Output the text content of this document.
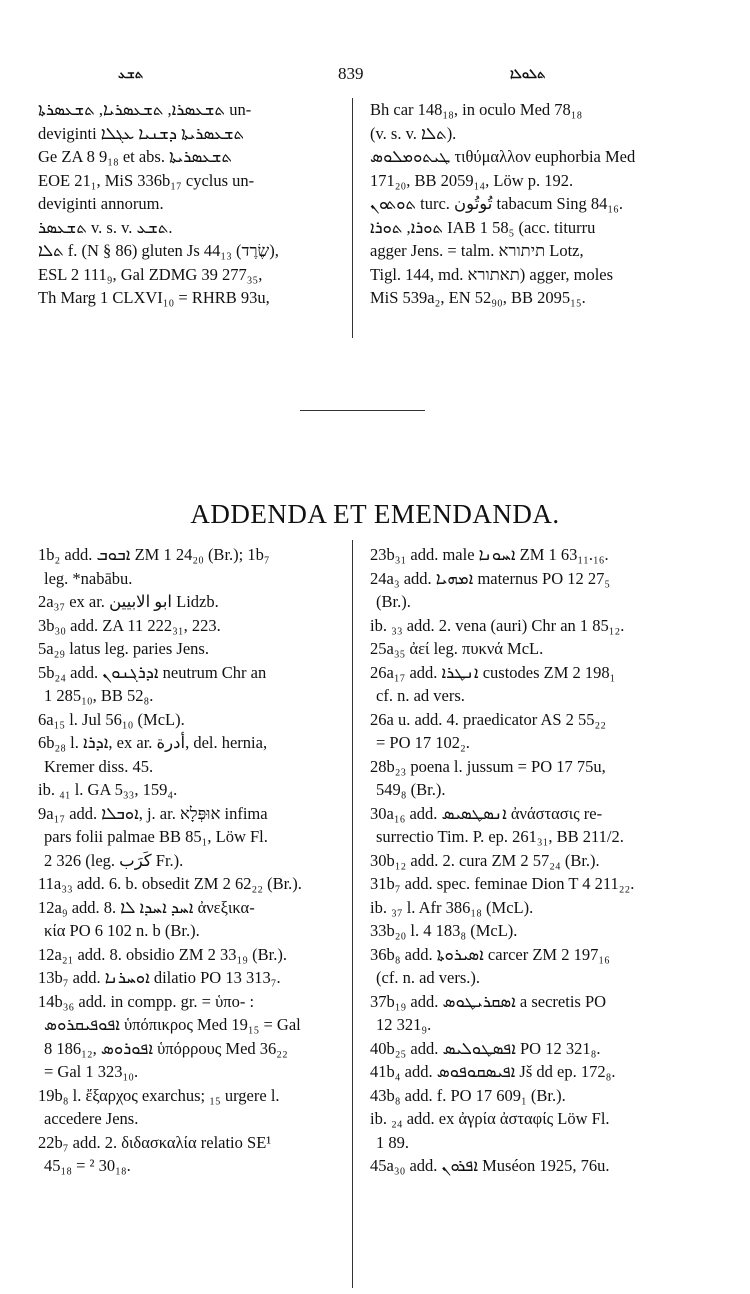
ܬܫܥ	839	ܬܠܘܠܐ
ܬܫܥܣܪܐ, ܬܫܥܣܪܝܐ, ܬܫܥܣܪܬܐ un-
deviginti ܬܫܥܣܪܝܬܐ ܕܫܢܝܐ ܥܓܠܐ
Ge ZA 8 9₁₈ et abs. ܬܫܥܣܪܝܬܐ
EOE 21₁, MiS 336b₁₇ cyclus un-
deviginti annorum.
ܬܫܥܣܪ v. s. v. ܬܫܥ.
ܬܠܐ f. (N § 86) gluten Js 44₁₃ (שֶׂרֶד),
ESL 2 111₉, Gal ZDMG 39 277₃₅,
Th Marg 1 CLXVI₁₀ = RHRB 93u,
Bh car 148₁₈, in oculo Med 78₁₈
(v. s. v. ܬܠܐ).
ܛܝܬܘܡܠܘܣ τιθύμαλλον euphorbia Med
171₂₀, BB 2059₁₄, Löw p. 192.
ܬܘܬܘܢ turc. تُوتُون tabacum Sing 84₁₆.
ܬܘܪܐ, ܬܘܪܐ IAB 1 58₅ (acc. titurru
agger Jens. = talm. תיתורא Lotz,
Tigl. 144, md. תאתורא) agger, moles
MiS 539a₂, EN 52₉₀, BB 2095₁₅.
ADDENDA ET EMENDANDA.
1b₂ add. ܐܒܘܒ ZM 1 24₂₀ (Br.); 1b₇
leg. *nabābu.
2a₃₇ ex ar. ابو الابيين Lidzb.
3b₃₀ add. ZA 11 222₃₁, 223.
5a₂₉ latus leg. paries Jens.
5b₂₄ add. ܐܕܪܓܢܘܢ neutrum Chr an
1 285₁₀, BB 52₈.
6a₁₅ l. Jul 56₁₀ (McL).
6b₂₈ l. ܐܕܪܐ, ex ar. أدرة, del. hernia,
Kremer diss. 45.
ib. ₄₁ l. GA 5₃₃, 159₄.
9a₁₇ add. ܐܘܒܠܐ, j. ar. אוּפְּלָא infima
pars folii palmae BB 85₁, Löw Fl.
2 326 (leg. كَرَب Fr.).
11a₃₃ add. 6. b. obsedit ZM 2 62₂₂ (Br.).
12a₉ add. 8. ܐܚܕ ܐܚܕܐ ܠܐ ἀνεξικα-
κία PO 6 102 n. b (Br.).
12a₂₁ add. 8. obsidio ZM 2 33₁₉ (Br.).
13b₇ add. ܐܘܚܪܢܐ dilatio PO 13 313₇.
14b₃₆ add. in compp. gr. = ὑπο- :
ܐܦܘܦܝܩܪܘܣ ὑπόπικρος Med 19₁₅ = Gal
8 186₁₂, ܐܦܘܪܘܣ ὑπόρρους Med 36₂₂
= Gal 1 323₁₀.
19b₈ l. ἔξαρχος exarchus; ₁₅ urgere l.
accedere Jens.
22b₇ add. 2. διδασκαλία relatio SE¹
45₁₈ = ² 30₁₈.
23b₃₁ add. male ܐܚܘܢܐ ZM 1 63₁₁.₁₆.
24a₃ add. ܐܡܗܝܐ maternus PO 12 27₅
(Br.).
ib. ₃₃ add. 2. vena (auri) Chr an 1 85₁₂.
25a₃₅ ἀεί leg. πυκνά McL.
26a₁₇ add. ܐܢܛܪܐ custodes ZM 2 198₁
cf. n. ad vers.
26a u. add. 4. praedicator AS 2 55₂₂
= PO 17 102₂.
28b₂₃ poena l. jussum = PO 17 75u,
549₈ (Br.).
30a₁₆ add. ܐܢܣܛܣܝܣ ἀνάστασις re-
surrectio Tim. P. ep. 261₃₁, BB 211/2.
30b₁₂ add. 2. cura ZM 2 57₂₄ (Br.).
31b₇ add. spec. feminae Dion T 4 211₂₂.
ib. ₃₇ l. Afr 386₁₈ (McL).
33b₂₀ l. 4 183₈ (McL).
36b₈ add. ܐܣܝܪܘܬܐ carcer ZM 2 197₁₆
(cf. n. ad vers.).
37b₁₉ add. ܐܣܩܪܝܛܘܣ a secretis PO
12 321₉.
40b₂₅ add. ܐܦܣܛܘܠܝܣ PO 12 321₈.
41b₄ add. ܐܦܝܣܩܘܦܘܣ Jš dd ep. 172₈.
43b₈ add. f. PO 17 609₁ (Br.).
ib. ₂₄ add. ex ἀγρία ἀσταφίς Löw Fl.
1 89.
45a₃₀ add. ܐܦܪܘܢ Muséon 1925, 76u.
